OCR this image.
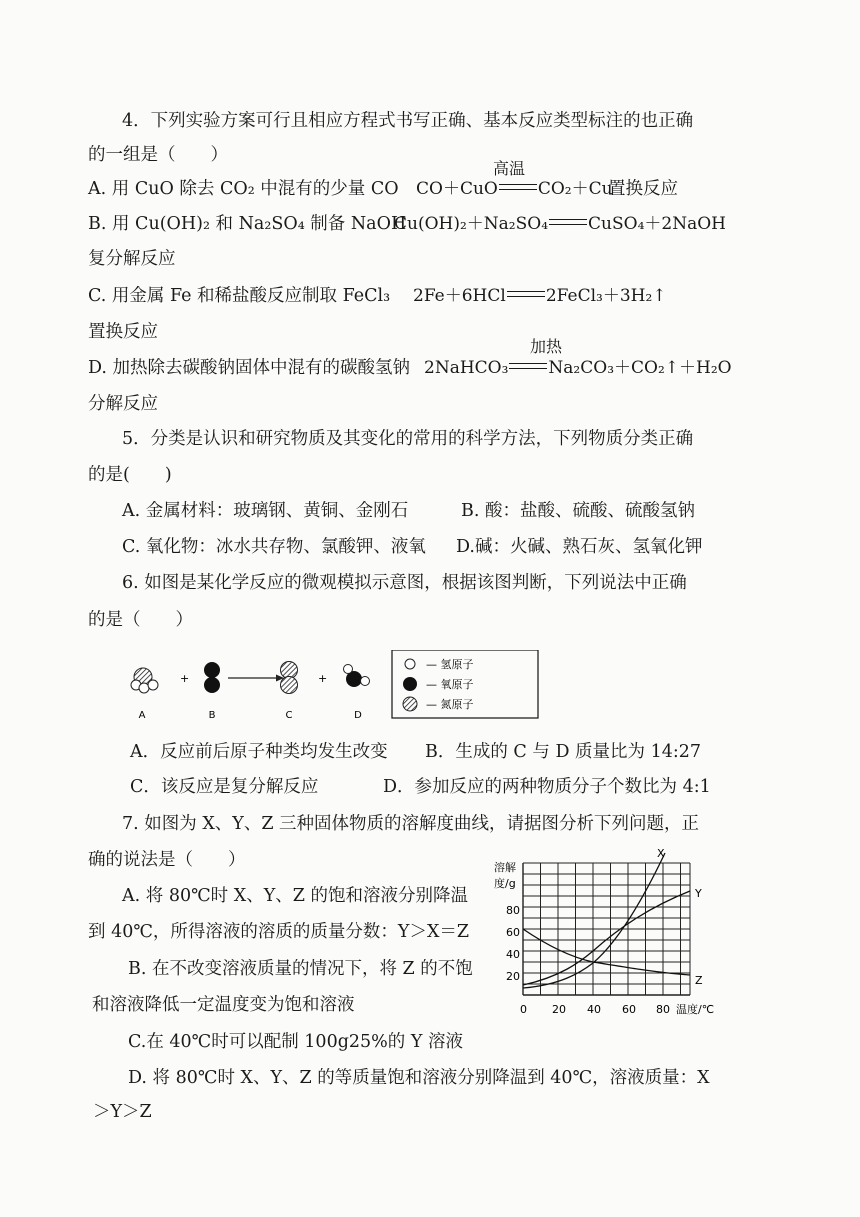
4．下列实验方案可行且相应方程式书写正确、基本反应类型标注的也正确
的一组是（　　）
A. 用 CuO 除去 CO₂ 中混有的少量 CO
高温
CO＋CuO CO₂＋Cu
置换反应
B. 用 Cu(OH)₂ 和 Na₂SO₄ 制备 NaOH
Cu(OH)₂＋Na₂SO₄ CuSO₄＋2NaOH
复分解反应
C. 用金属 Fe 和稀盐酸反应制取 FeCl₃ 2Fe＋6HCl 2FeCl₃＋3H₂↑
置换反应
加热
D. 加热除去碳酸钠固体中混有的碳酸氢钠 2NaHCO₃ Na₂CO₃＋CO₂↑＋H₂O
分解反应
5．分类是认识和研究物质及其变化的常用的科学方法，下列物质分类正确
的是(　　)
A. 金属材料：玻璃钢、黄铜、金刚石	B. 酸：盐酸、硫酸、硫酸氢钠
C. 氧化物：冰水共存物、氯酸钾、液氧 D.碱：火碱、熟石灰、氢氧化钾
6. 如图是某化学反应的微观模拟示意图，根据该图判断，下列说法中正确
的是（　　）
+	+
A	B	C	D
— 氢原子
— 氧原子
— 氮原子
A．反应前后原子种类均发生改变 B．生成的 C 与 D 质量比为 14:27
C．该反应是复分解反应	D．参加反应的两种物质分子个数比为 4:1
7. 如图为 X、Y、Z 三种固体物质的溶解度曲线，请据图分析下列问题，正
确的说法是（　　）
A. 将 80℃时 X、Y、Z 的饱和溶液分别降温
到 40℃，所得溶液的溶质的质量分数：Y＞X＝Z
B. 在不改变溶液质量的情况下，将 Z 的不饱
和溶液降低一定温度变为饱和溶液
C.在 40℃时可以配制 100g25%的 Y 溶液
D. 将 80℃时 X、Y、Z 的等质量饱和溶液分别降温到 40℃，溶液质量：X
＞Y＞Z
X
Y
Z
溶解
度/g
20
40
60
80
0 20 40 60 80 温度/℃
